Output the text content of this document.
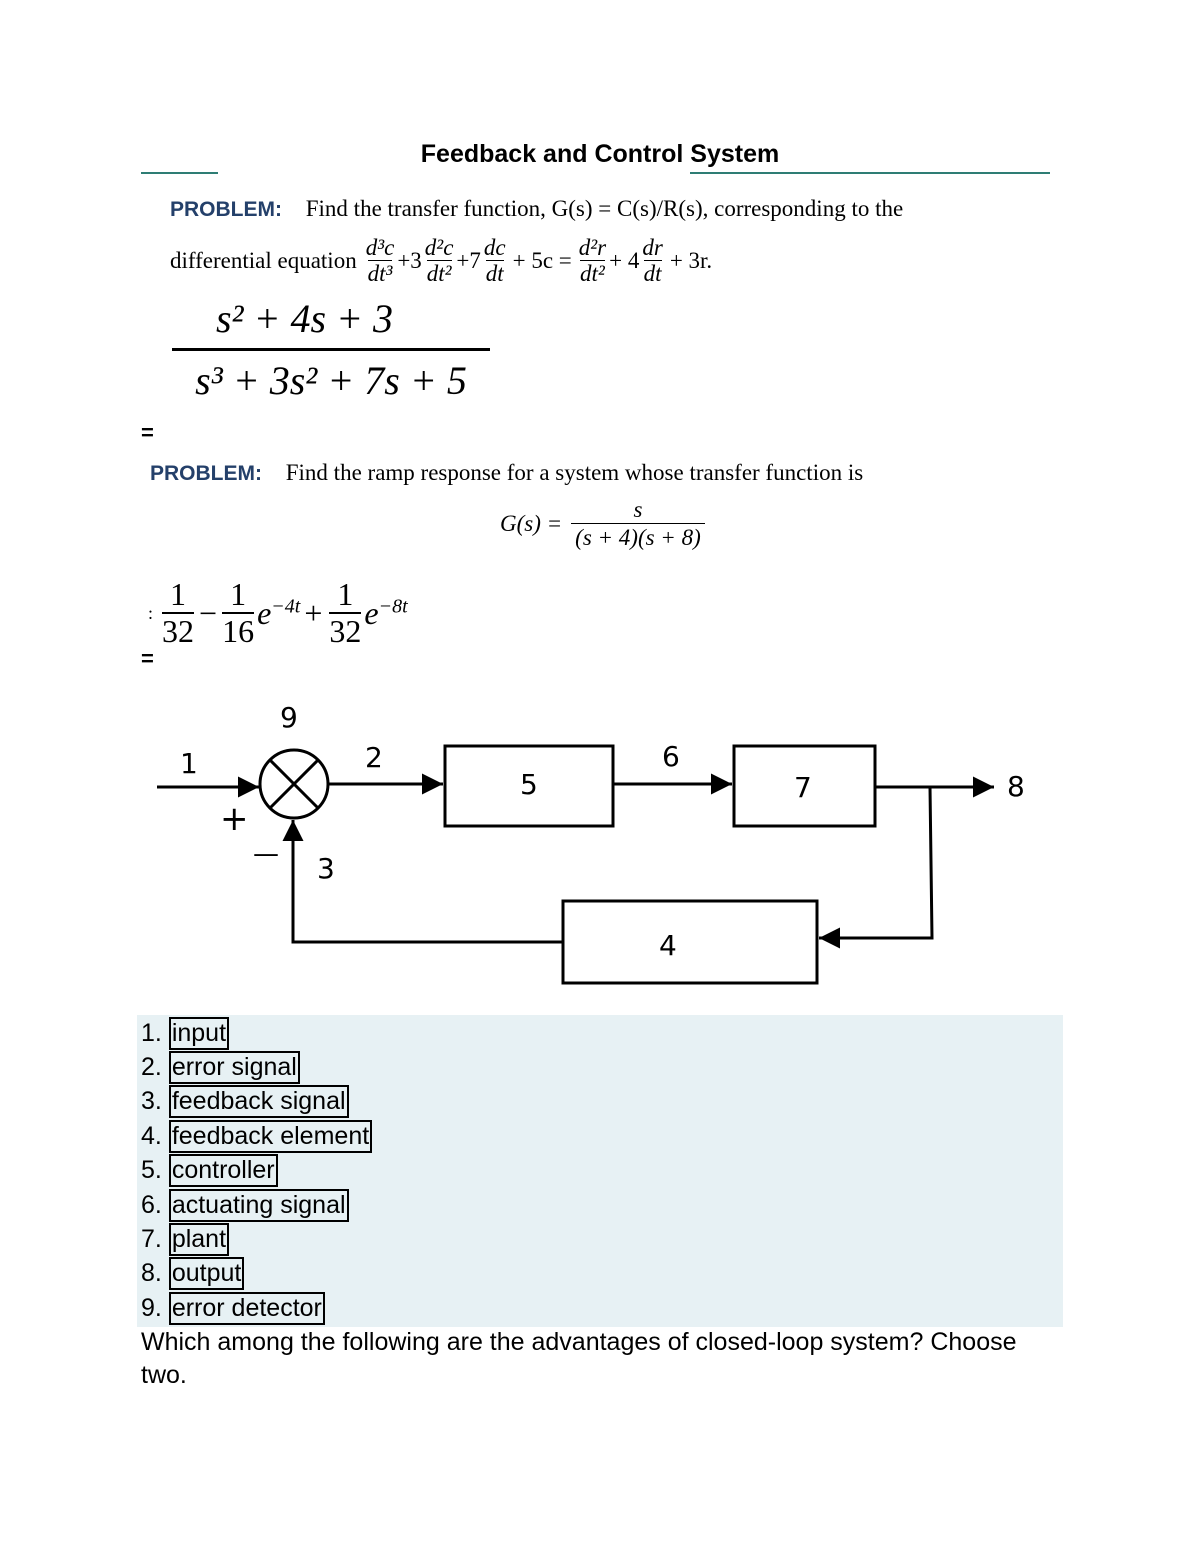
Feedback and Control System
PROBLEM: Find the transfer function, G(s) = C(s)/R(s), corresponding to the
differential equation $\frac{\text{d³c}}{\text{dt³}} +3 \frac{\text{d²c}}{\text{dt²}} +7 \frac{dc}{dt} + 5c = \frac{\text{d²r}}{\text{dt²}} + 4 \frac{dr}{dt} + 3r$.
s² + 4s + 3
s³ + 3s² + 7s + 5
=
PROBLEM: Find the ramp response for a system whose transfer function is
$G(s) = \frac{s}{(s + 4)(s + 8)}$
: $\frac{1}{32} - \frac{1}{16} e^{-4t} + \frac{1}{32} e^{-8t}$
=
1
9
2
5
6
7	8
3
4
+
—
1. input
2. error signal
3. feedback signal
4. feedback element
5. controller
6. actuating signal
7. plant
8. output
9. error detector
Which among the following are the advantages of closed-loop system? Choose two.
